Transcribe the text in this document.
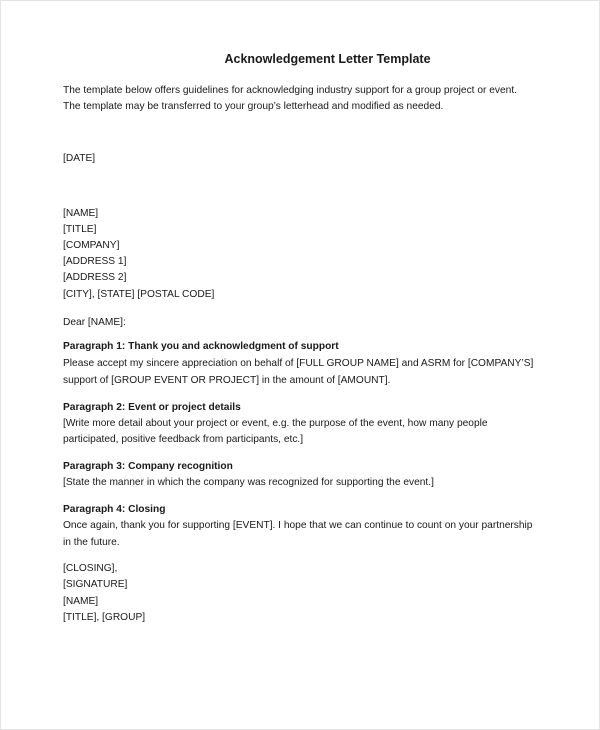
Acknowledgement Letter Template
The template below offers guidelines for acknowledging industry support for a group project or event.
The template may be transferred to your group’s letterhead and modified as needed.
[DATE]
[NAME]
[TITLE]
[COMPANY]
[ADDRESS 1]
[ADDRESS 2]
[CITY], [STATE] [POSTAL CODE]
Dear [NAME]:
Paragraph 1: Thank you and acknowledgment of support
Please accept my sincere appreciation on behalf of [FULL GROUP NAME] and ASRM for [COMPANY’S]
support of [GROUP EVENT OR PROJECT] in the amount of [AMOUNT].
Paragraph 2: Event or project details
[Write more detail about your project or event, e.g. the purpose of the event, how many people
participated, positive feedback from participants, etc.]
Paragraph 3: Company recognition
[State the manner in which the company was recognized for supporting the event.]
Paragraph 4: Closing
Once again, thank you for supporting [EVENT]. I hope that we can continue to count on your partnership
in the future.
[CLOSING],
[SIGNATURE]
[NAME]
[TITLE], [GROUP]
